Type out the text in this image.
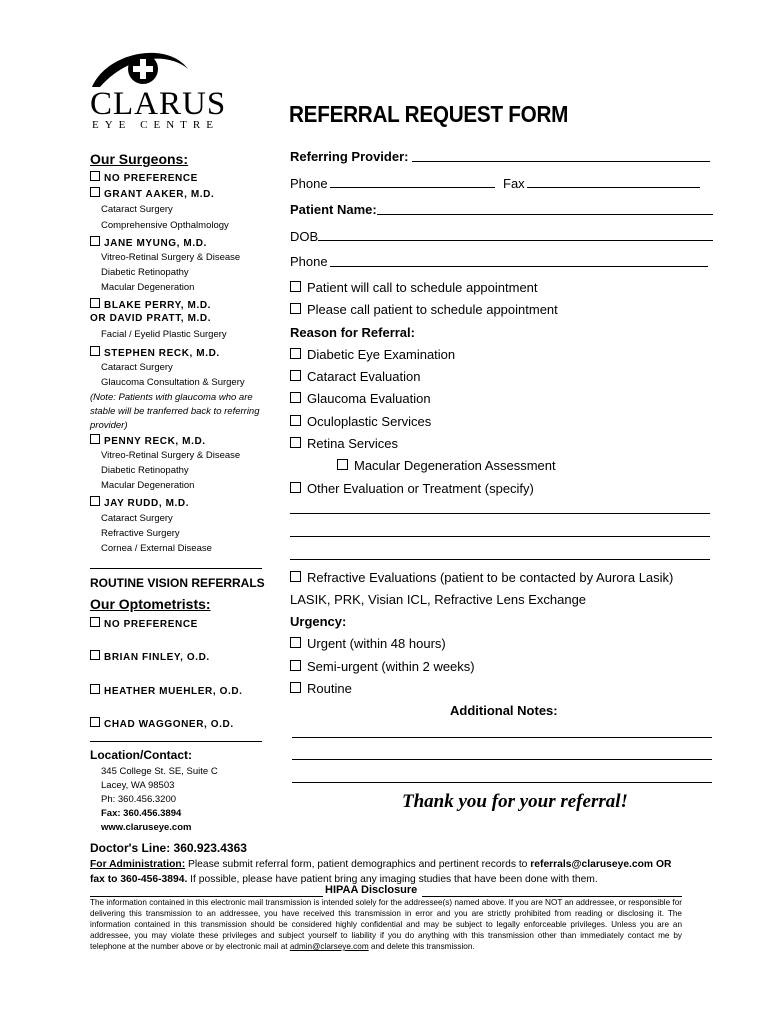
CLARUS
EYE CENTRE	REFERRAL REQUEST FORM
Our Surgeons:
NO PREFERENCE
GRANT AAKER, M.D.
Cataract Surgery
Comprehensive Opthalmology
JANE MYUNG, M.D.
Vitreo-Retinal Surgery & Disease
Diabetic Retinopathy
Macular Degeneration
BLAKE PERRY, M.D.
OR DAVID PRATT, M.D.
Facial / Eyelid Plastic Surgery
STEPHEN RECK, M.D.
Cataract Surgery
Glaucoma Consultation & Surgery
(Note: Patients with glaucoma who are stable will be tranferred back to referring provider)
PENNY RECK, M.D.
Vitreo-Retinal Surgery & Disease
Diabetic Retinopathy
Macular Degeneration
JAY RUDD, M.D.
Cataract Surgery
Refractive Surgery
Cornea / External Disease
ROUTINE VISION REFERRALS
Our Optometrists:
NO PREFERENCE
BRIAN FINLEY, O.D.
HEATHER MUEHLER, O.D.
CHAD WAGGONER, O.D.
Location/Contact:
345 College St. SE, Suite C
Lacey, WA 98503
Ph: 360.456.3200
Fax: 360.456.3894
www.claruseye.com
Referring Provider:
Phone	Fax
Patient Name:
DOB
Phone
Patient will call to schedule appointment
Please call patient to schedule appointment
Reason for Referral:
Diabetic Eye Examination
Cataract Evaluation
Glaucoma Evaluation
Oculoplastic Services
Retina Services
Macular Degeneration Assessment
Other Evaluation or Treatment (specify)
Refractive Evaluations (patient to be contacted by Aurora Lasik)
LASIK, PRK, Visian ICL, Refractive Lens Exchange
Urgency:
Urgent (within 48 hours)
Semi-urgent (within 2 weeks)
Routine
Additional Notes:
Thank you for your referral!
Doctor's Line: 360.923.4363
For Administration: Please submit referral form, patient demographics and pertinent records to referrals@claruseye.com OR
fax to 360-456-3894. If possible, please have patient bring any imaging studies that have been done with them.
HIPAA Disclosure
The information contained in this electronic mail transmission is intended solely for the addressee(s) named above. If you are NOT an addressee, or responsible for delivering this transmission to an addressee, you have received this transmission in error and you are strictly prohibited from reading or disclosing it. The information contained in this transmission should be considered highly confidential and may be subject to legally enforceable privileges. Unless you are an addressee, you may violate these privileges and subject yourself to liability if you do anything with this transmission other than immediately contact me by telephone at the number above or by electronic mail at admin@clarseye.com and delete this transmission.
